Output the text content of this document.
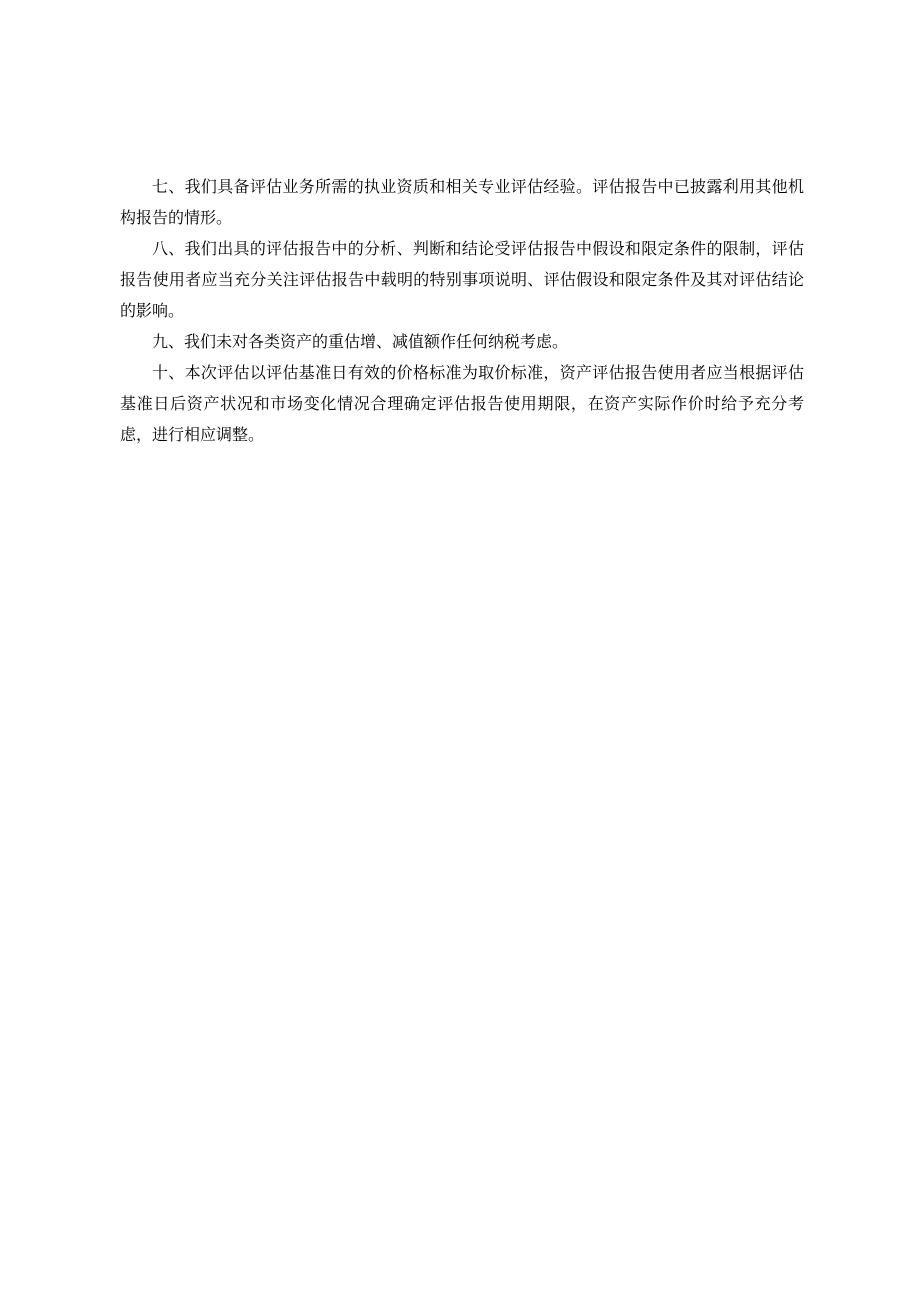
七、我们具备评估业务所需的执业资质和相关专业评估经验。评估报告中已披露利用其他机构报告的情形。

八、我们出具的评估报告中的分析、判断和结论受评估报告中假设和限定条件的限制，评估报告使用者应当充分关注评估报告中载明的特别事项说明、评估假设和限定条件及其对评估结论的影响。

九、我们未对各类资产的重估增、减值额作任何纳税考虑。

十、本次评估以评估基准日有效的价格标准为取价标准，资产评估报告使用者应当根据评估基准日后资产状况和市场变化情况合理确定评估报告使用期限，在资产实际作价时给予充分考虑，进行相应调整。
